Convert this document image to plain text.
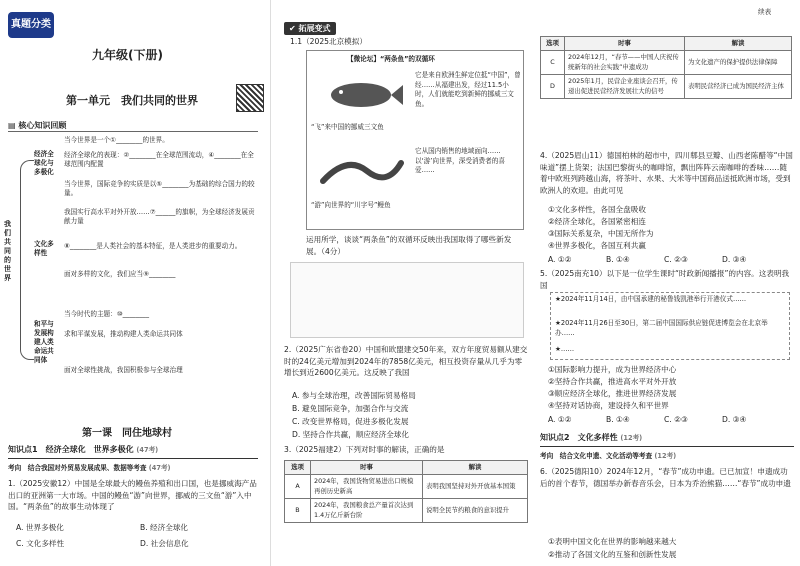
真题分类
九年级(下册)
第一单元　我们共同的世界
▤ 核心知识回顾
我们共同的世界
经济全球化与多极化
文化多样性
和平与发展构建人类命运共同体
当今世界是一个①________的世界。
经济全球化的表现：②________在全球范围流动，④________在全球范围内配置
当今世界，国际竞争的实质是以⑤________为基础的综合国力的较量。
我国实行高水平对外开放……⑦______的旗帜，为全球经济发展贡献力量
⑧________是人类社会的基本特征，是人类进步的重要动力。
面对多样的文化，我们应当⑨________
当今时代的主题：⑩________
求和平谋发展，推动构建人类命运共同体
面对全球性挑战，我国积极参与全球治理
第一课　同住地球村
知识点1　经济全球化　世界多极化 (47考)
考向　结合我国对外贸易发展成果、数据等考查 (47考)
1.（2025安徽12）中国是全球最大的鳗鱼养殖和出口国，也是挪威海产品出口的亚洲第一大市场。中国的鳗鱼“游”向世界，挪威的三文鱼“游”入中国。“两条鱼”的故事生动体现了
A. 世界多极化	B. 经济全球化
C. 文化多样性	D. 社会信息化
✔ 拓展变式
1.1（2025北京模拟）
【微论坛】“两条鱼”的双循环
“飞”来中国的挪威三文鱼
它是来自欧洲生鲜定位抵“中国”，曾经……从福建出发，经过11.5小时，人们就能吃到新鲜的挪威三文鱼。
“游”向世界的“川字号”鳗鱼
它从国内销售的地域面向……以‘游’向世界，深受消费者的喜爱……
运用所学，谈谈“两条鱼”的双循环反映出我国取得了哪些新发展。（4分）
2.（2025广东省卷20）中国和欧盟建交50年来，双方年度贸易额从建交时的24亿美元增加到2024年的7858亿美元，相互投资存量从几乎为零增长到近2600亿美元。这反映了我国
A. 参与全球治理，改善国际贸易格局
B. 避免国际竞争，加强合作与交流
C. 改变世界格局，促进多极化发展
D. 坚持合作共赢，顺应经济全球化
3.（2025福建2）下列对时事的解读，正确的是
选项	时事	解读
A	2024年，我国货物贸易进出口规模再创历史新高	表明我国坚持对外开放基本国策
B	2024年，我国粮食总产量首次达到1.4万亿斤新台阶	说明全民节约粮食的意识提升
续表
选项	时事	解读
C	2024年12月，“春节——中国人庆祝传统新年的社会实践”申遗成功	为文化遗产的保护提供法律保障
D	2025年1月，民营企业座谈会召开，传递出促进民营经济发展壮大的信号	表明民营经济已成为国民经济主体
4.（2025眉山11）德国柏林的超市中，四川郫县豆瓣、山西老陈醋等“中国味道”摆上货架；法国巴黎街头的咖啡馆，飘出阵阵云南咖啡的香味……随着中欧班列跨越山海，将茶叶、水果、大米等中国商品送抵欧洲市场，受到欧洲人的欢迎。由此可见
①文化多样性，各国全盘吸收
②经济全球化，各国紧密相连
③国际关系复杂，中国无所作为
④世界多极化，各国互利共赢
A. ①②	B. ①④	C. ②③	D. ③④
5.（2025南充10）以下是一位学生课时“时政新闻播报”的内容。这表明我国
★2024年11月14日，由中国承建的秘鲁钱凯港举行开港仪式……
★2024年11月26日至30日，第二届中国国际供应链促进博览会在北京举办……
★……
①国际影响力提升，成为世界经济中心
②坚持合作共赢，推进高水平对外开放
③顺应经济全球化，推进世界经济发展
④坚持对话协商，建设持久和平世界
A. ①②	B. ①④	C. ②③	D. ③④
知识点2　文化多样性 (12考)
考向　结合文化申遗、文化活动等考查 (12考)
6.（2025德阳10）2024年12月，“春节”成功申遗。已已加宣！申遗成功后的首个春节，德国举办新春音乐会，日本为乔治熊猫……“春节”成功申遗
①表明中国文化在世界的影响越来越大
②推动了各国文化的互鉴和创新性发展
